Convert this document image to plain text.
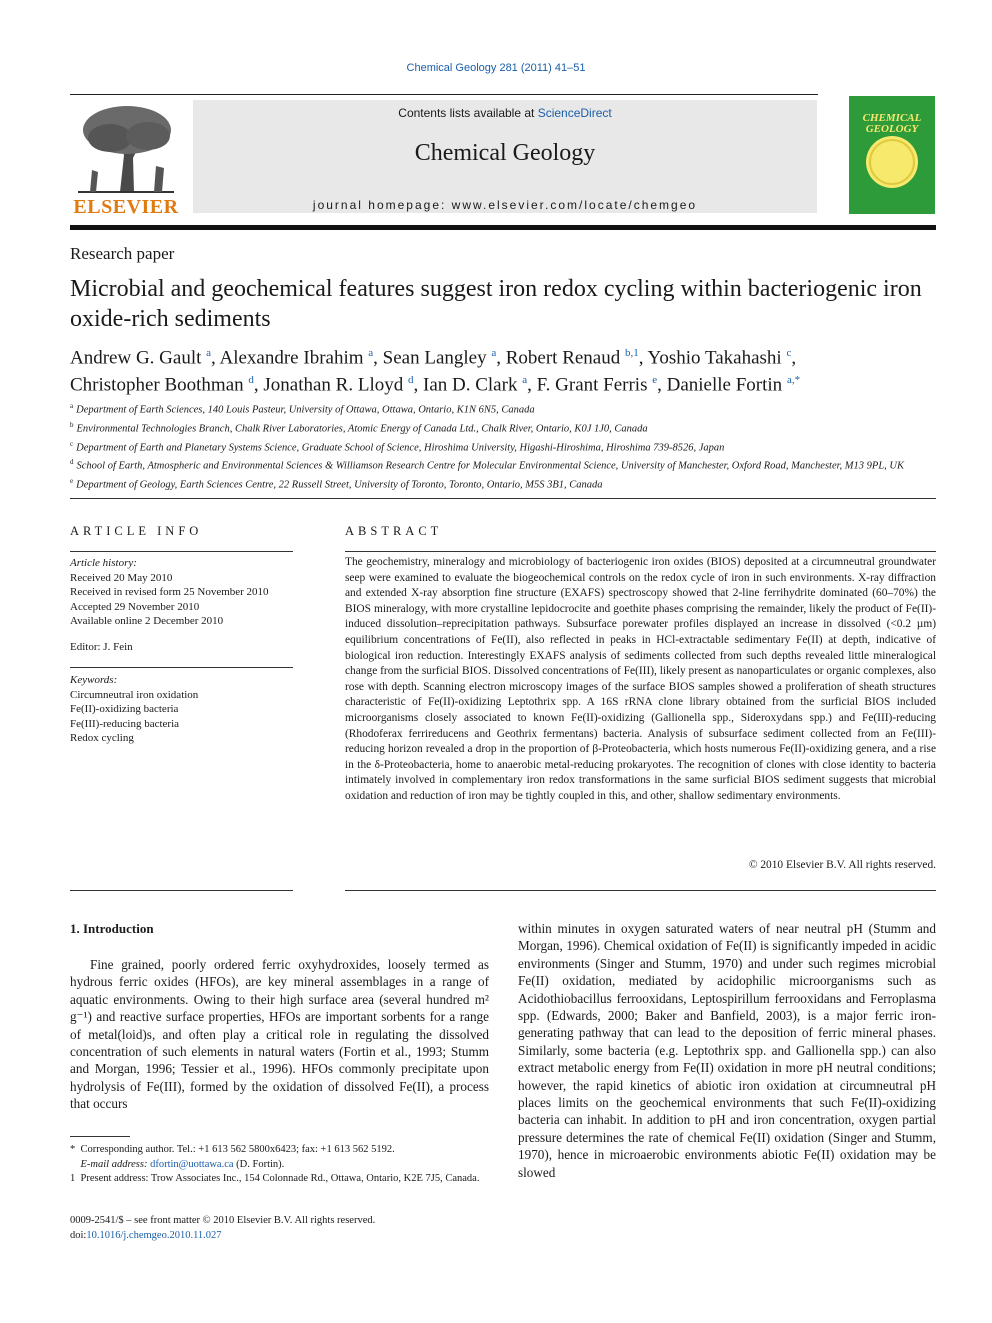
Chemical Geology 281 (2011) 41–51
ELSEVIER
Contents lists available at ScienceDirect
Chemical Geology
journal homepage: www.elsevier.com/locate/chemgeo
CHEMICAL GEOLOGY
Research paper
Microbial and geochemical features suggest iron redox cycling within bacteriogenic iron oxide-rich sediments
Andrew G. Gault $^a$, Alexandre Ibrahim $^a$, Sean Langley $^a$, Robert Renaud $^{b,1}$, Yoshio Takahashi $^c$,
Christopher Boothman $^d$, Jonathan R. Lloyd $^d$, Ian D. Clark $^a$, F. Grant Ferris $^e$, Danielle Fortin $^{a,*}$
$^a$ Department of Earth Sciences, 140 Louis Pasteur, University of Ottawa, Ottawa, Ontario, K1N 6N5, Canada
$^b$ Environmental Technologies Branch, Chalk River Laboratories, Atomic Energy of Canada Ltd., Chalk River, Ontario, K0J 1J0, Canada
$^c$ Department of Earth and Planetary Systems Science, Graduate School of Science, Hiroshima University, Higashi-Hiroshima, Hiroshima 739-8526, Japan
$^d$ School of Earth, Atmospheric and Environmental Sciences & Williamson Research Centre for Molecular Environmental Science, University of Manchester, Oxford Road, Manchester, M13 9PL, UK
$^e$ Department of Geology, Earth Sciences Centre, 22 Russell Street, University of Toronto, Toronto, Ontario, M5S 3B1, Canada
ARTICLE INFO
Article history:
Received 20 May 2010
Received in revised form 25 November 2010
Accepted 29 November 2010
Available online 2 December 2010
Editor: J. Fein
Keywords:
Circumneutral iron oxidation
Fe(II)-oxidizing bacteria
Fe(III)-reducing bacteria
Redox cycling
ABSTRACT
The geochemistry, mineralogy and microbiology of bacteriogenic iron oxides (BIOS) deposited at a circumneutral groundwater seep were examined to evaluate the biogeochemical controls on the redox cycle of iron in such environments. X-ray diffraction and extended X-ray absorption fine structure (EXAFS) spectroscopy showed that 2-line ferrihydrite dominated (60–70%) the BIOS mineralogy, with more crystalline lepidocrocite and goethite phases comprising the remainder, likely the product of Fe(II)-induced dissolution–reprecipitation pathways. Subsurface porewater profiles displayed an increase in dissolved (<0.2 µm) equilibrium concentrations of Fe(II), also reflected in peaks in HCl-extractable sedimentary Fe(II) at depth, indicative of biological iron reduction. Interestingly EXAFS analysis of sediments collected from such depths revealed little mineralogical change from the surficial BIOS. Dissolved concentrations of Fe(III), likely present as nanoparticulates or organic complexes, also rose with depth. Scanning electron microscopy images of the surface BIOS samples showed a proliferation of sheath structures characteristic of Fe(II)-oxidizing Leptothrix spp. A 16S rRNA clone library obtained from the surficial BIOS included microorganisms closely associated to known Fe(II)-oxidizing (Gallionella spp., Sideroxydans spp.) and Fe(III)-reducing (Rhodoferax ferrireducens and Geothrix fermentans) bacteria. Analysis of subsurface sediment collected from an Fe(III)-reducing horizon revealed a drop in the proportion of β-Proteobacteria, which hosts numerous Fe(II)-oxidizing genera, and a rise in the δ-Proteobacteria, home to anaerobic metal-reducing prokaryotes. The recognition of clones with close identity to bacteria intimately involved in complementary iron redox transformations in the same surficial BIOS sediment suggests that microbial oxidation and reduction of iron may be tightly coupled in this, and other, shallow sedimentary environments.
© 2010 Elsevier B.V. All rights reserved.
1. Introduction
Fine grained, poorly ordered ferric oxyhydroxides, loosely termed as hydrous ferric oxides (HFOs), are key mineral assemblages in a range of aquatic environments. Owing to their high surface area (several hundred m² g⁻¹) and reactive surface properties, HFOs are important sorbents for a range of metal(loid)s, and often play a critical role in regulating the dissolved concentration of such elements in natural waters (Fortin et al., 1993; Stumm and Morgan, 1996; Tessier et al., 1996). HFOs commonly precipitate upon hydrolysis of Fe(III), formed by the oxidation of dissolved Fe(II), a process that occurs
within minutes in oxygen saturated waters of near neutral pH (Stumm and Morgan, 1996). Chemical oxidation of Fe(II) is significantly impeded in acidic environments (Singer and Stumm, 1970) and under such regimes microbial Fe(II) oxidation, mediated by acidophilic microorganisms such as Acidothiobacillus ferrooxidans, Leptospirillum ferrooxidans and Ferroplasma spp. (Edwards, 2000; Baker and Banfield, 2003), is a major ferric iron-generating pathway that can lead to the deposition of ferric mineral phases. Similarly, some bacteria (e.g. Leptothrix spp. and Gallionella spp.) can also extract metabolic energy from Fe(II) oxidation in more pH neutral conditions; however, the rapid kinetics of abiotic iron oxidation at circumneutral pH places limits on the geochemical environments that such Fe(II)-oxidizing bacteria can inhabit. In addition to pH and iron concentration, oxygen partial pressure determines the rate of chemical Fe(II) oxidation (Singer and Stumm, 1970), hence in microaerobic environments abiotic Fe(II) oxidation may be slowed
* Corresponding author. Tel.: +1 613 562 5800x6423; fax: +1 613 562 5192.
E-mail address: dfortin@uottawa.ca (D. Fortin).
1 Present address: Trow Associates Inc., 154 Colonnade Rd., Ottawa, Ontario, K2E 7J5, Canada.
0009-2541/$ – see front matter © 2010 Elsevier B.V. All rights reserved.
doi:10.1016/j.chemgeo.2010.11.027
